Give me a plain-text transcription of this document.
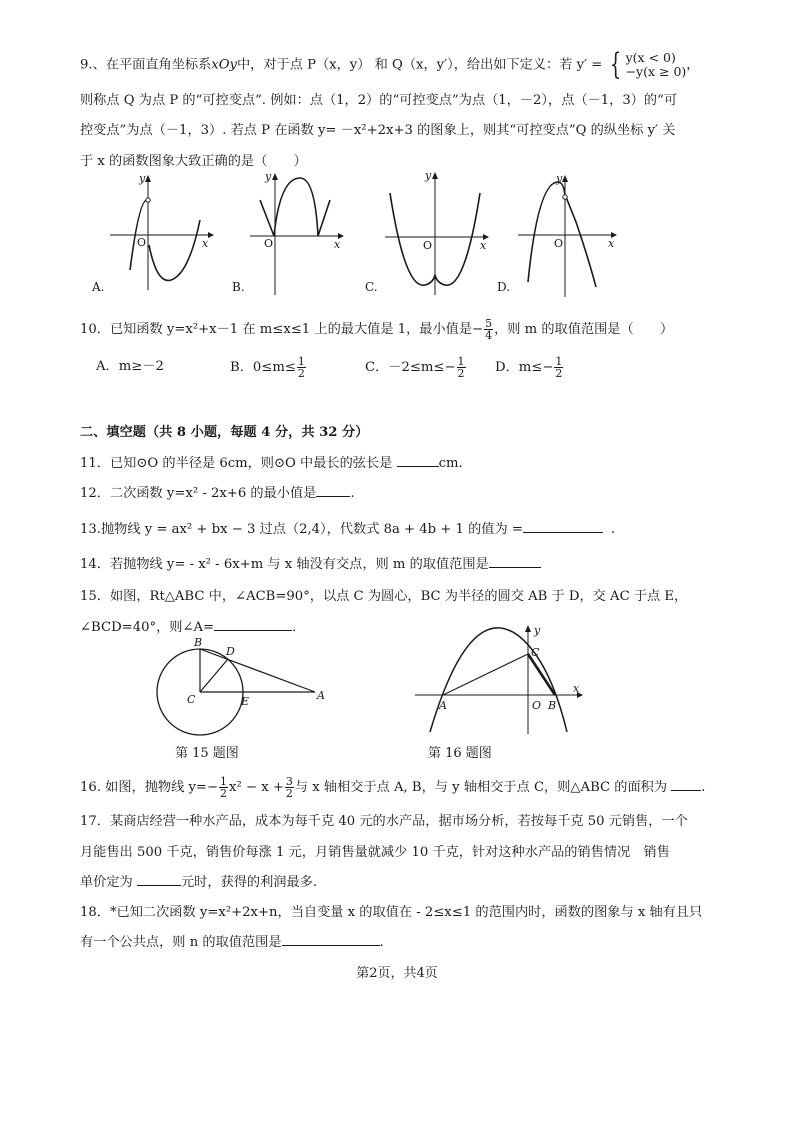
9.、在平面直角坐标系xOy中，对于点 P（x，y） 和 Q（x，y′），给出如下定义：若 y′ = { y(x < 0)
−y(x ≥ 0) ，
则称点 Q 为点 P 的“可控变点”. 例如：点（1，2）的“可控变点”为点（1，－2），点（－1，3）的“可
控变点”为点（－1，3）. 若点 P 在函数 y= －x²+2x+3 的图象上，则其“可控变点”Q 的纵坐标 y′ 关
于 x 的函数图象大致正确的是（　　）
O	x
y
A.
O	x
y
B.
O	x
y
C.
O	x
y
D.
10．已知函数 y=x²+x－1 在 m≤x≤1 上的最大值是 1，最小值是− $\frac{5}{4}$ ，则 m 的取值范围是（　　）
A．m≥－2	B．$0\le m\le \frac{1}{2}$	C．$-2\le m\le- \frac{1}{2}$ D．$m\le- \frac{1}{2}$
二、填空题（共 8 小题，每题 4 分，共 32 分）
11．已知⊙O 的半径是 6cm，则⊙O 中最长的弦长是	cm.
12．二次函数 y=x² - 2x+6 的最小值是	.
13.抛物线 y = ax² + bx − 3 过点（2,4），代数式 8a + 4b + 1 的值为 =	.
14．若抛物线 y= - x² - 6x+m 与 x 轴没有交点，则 m 的取值范围是
15．如图，Rt△ABC 中，∠ACB=90°，以点 C 为圆心，BC 为半径的圆交 AB 于 D，交 AC 于点 E，
∠BCD=40°，则∠A=	．
B
D
C	E	A
第 15 题图
A	O B
C
x
y
第 16 题图
16. 如图，抛物线 $y=- \frac{1}{2} x^2 - x + \frac{3}{2}$ 与 x 轴相交于点 A, B，与 y 轴相交于点 C，则△ABC 的面积为	.
17．某商店经营一种水产品，成本为每千克 40 元的水产品，据市场分析，若按每千克 50 元销售，一个
月能售出 500 千克，销售价每涨 1 元，月销售量就减少 10 千克，针对这种水产品的销售情况　销售
单价定为	元时，获得的利润最多.
18．*已知二次函数 y=x²+2x+n，当自变量 x 的取值在 - 2≤x≤1 的范围内时，函数的图象与 x 轴有且只
有一个公共点，则 n 的取值范围是	.
第2页，共4页
